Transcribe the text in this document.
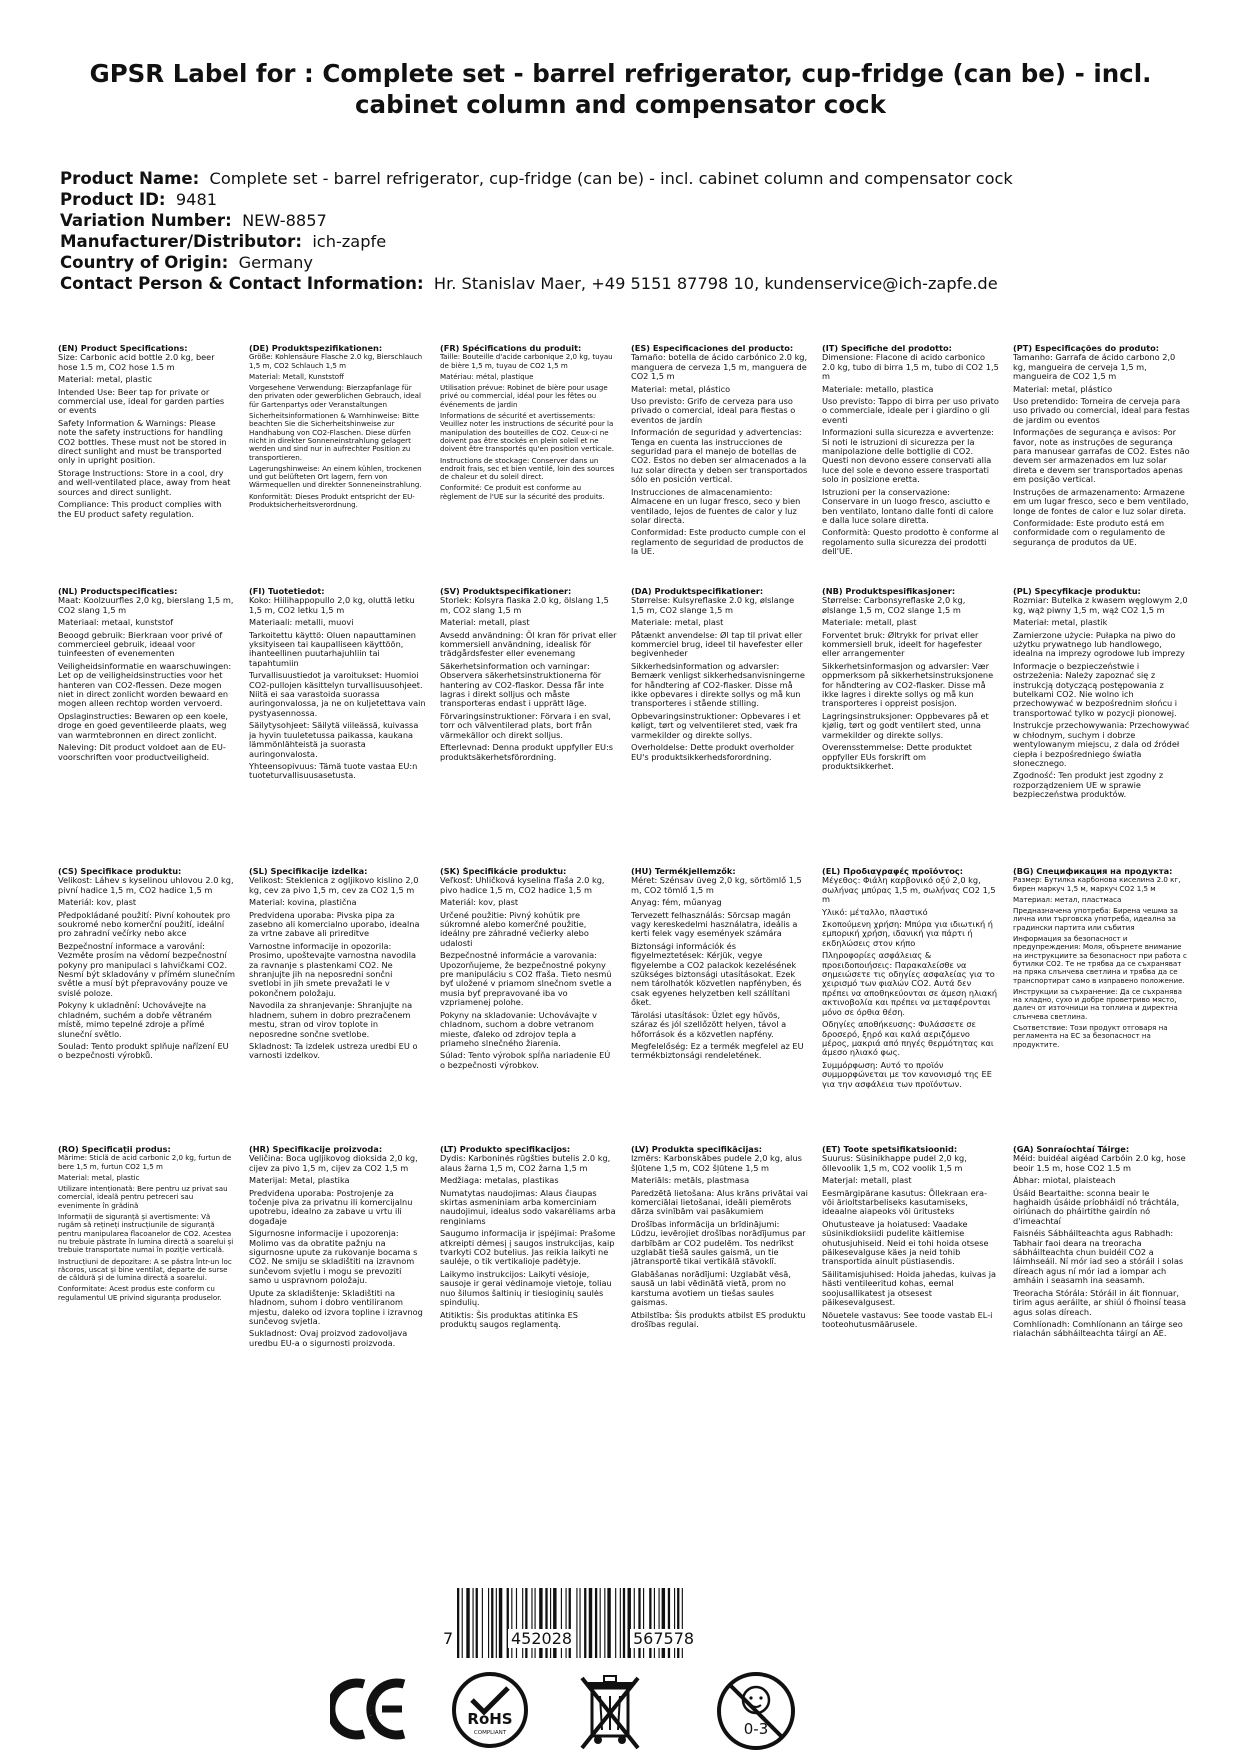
GPSR Label for : Complete set - barrel refrigerator, cup-fridge (can be) - incl. cabinet column and compensator cock
Product Name: Complete set - barrel refrigerator, cup-fridge (can be) - incl. cabinet column and compensator cock
Product ID: 9481
Variation Number: NEW-8857
Manufacturer/Distributor: ich-zapfe
Country of Origin: Germany
Contact Person & Contact Information: Hr. Stanislav Maer, +49 5151 87798 10, kundenservice@ich-zapfe.de

(EN) Product Specifications:
Size: Carbonic acid bottle 2.0 kg, beer hose 1.5 m, CO2 hose 1.5 m

Material: metal, plastic

Intended Use: Beer tap for private or commercial use, ideal for garden parties or events

Safety Information & Warnings: Please note the safety instructions for handling CO2 bottles. These must not be stored in direct sunlight and must be transported only in upright position.

Storage Instructions: Store in a cool, dry and well-ventilated place, away from heat sources and direct sunlight.

Compliance: This product complies with the EU product safety regulation.

(DE) Produktspezifikationen:
Größe: Kohlensäure Flasche 2.0 kg, Bierschlauch 1,5 m, CO2 Schlauch 1,5 m

Material: Metall, Kunststoff

Vorgesehene Verwendung: Bierzapfanlage für den privaten oder gewerblichen Gebrauch, ideal für Gartenpartys oder Veranstaltungen

Sicherheitsinformationen & Warnhinweise: Bitte beachten Sie die Sicherheitshinweise zur Handhabung von CO2-Flaschen. Diese dürfen nicht in direkter Sonneneinstrahlung gelagert werden und sind nur in aufrechter Position zu transportieren.

Lagerungshinweise: An einem kühlen, trockenen und gut belüfteten Ort lagern, fern von Wärmequellen und direkter Sonneneinstrahlung.

Konformität: Dieses Produkt entspricht der EU-Produktsicherheitsverordnung.

(FR) Spécifications du produit:
Taille: Bouteille d'acide carbonique 2,0 kg, tuyau de bière 1,5 m, tuyau de CO2 1,5 m

Matériau: métal, plastique

Utilisation prévue: Robinet de bière pour usage privé ou commercial, idéal pour les fêtes ou événements de jardin

Informations de sécurité et avertissements: Veuillez noter les instructions de sécurité pour la manipulation des bouteilles de CO2. Ceux-ci ne doivent pas être stockés en plein soleil et ne doivent être transportés qu'en position verticale.

Instructions de stockage: Conserver dans un endroit frais, sec et bien ventilé, loin des sources de chaleur et du soleil direct.

Conformité: Ce produit est conforme au règlement de l'UE sur la sécurité des produits.

(ES) Especificaciones del producto:
Tamaño: botella de ácido carbónico 2.0 kg, manguera de cerveza 1,5 m, manguera de CO2 1,5 m

Material: metal, plástico

Uso previsto: Grifo de cerveza para uso privado o comercial, ideal para fiestas o eventos de jardín

Información de seguridad y advertencias: Tenga en cuenta las instrucciones de seguridad para el manejo de botellas de CO2. Estos no deben ser almacenados a la luz solar directa y deben ser transportados sólo en posición vertical.

Instrucciones de almacenamiento: Almacene en un lugar fresco, seco y bien ventilado, lejos de fuentes de calor y luz solar directa.

Conformidad: Este producto cumple con el reglamento de seguridad de productos de la UE.

(IT) Specifiche del prodotto:
Dimensione: Flacone di acido carbonico 2.0 kg, tubo di birra 1,5 m, tubo di CO2 1,5 m

Materiale: metallo, plastica

Uso previsto: Tappo di birra per uso privato o commerciale, ideale per i giardino o gli eventi

Informazioni sulla sicurezza e avvertenze: Si noti le istruzioni di sicurezza per la manipolazione delle bottiglie di CO2. Questi non devono essere conservati alla luce del sole e devono essere trasportati solo in posizione eretta.

Istruzioni per la conservazione: Conservare in un luogo fresco, asciutto e ben ventilato, lontano dalle fonti di calore e dalla luce solare diretta.

Conformità: Questo prodotto è conforme al regolamento sulla sicurezza dei prodotti dell'UE.

(PT) Especificações do produto:
Tamanho: Garrafa de ácido carbono 2,0 kg, mangueira de cerveja 1,5 m, mangueira de CO2 1,5 m

Material: metal, plástico

Uso pretendido: Torneira de cerveja para uso privado ou comercial, ideal para festas de jardim ou eventos

Informações de segurança e avisos: Por favor, note as instruções de segurança para manusear garrafas de CO2. Estes não devem ser armazenados em luz solar direta e devem ser transportados apenas em posição vertical.

Instruções de armazenamento: Armazene em um lugar fresco, seco e bem ventilado, longe de fontes de calor e luz solar direta.

Conformidade: Este produto está em conformidade com o regulamento de segurança de produtos da UE.

(NL) Productspecificaties:
Maat: Koolzuurfles 2,0 kg, bierslang 1,5 m, CO2 slang 1,5 m

Materiaal: metaal, kunststof

Beoogd gebruik: Bierkraan voor privé of commercieel gebruik, ideaal voor tuinfeesten of evenementen

Veiligheidsinformatie en waarschuwingen: Let op de veiligheidsinstructies voor het hanteren van CO2-flessen. Deze mogen niet in direct zonlicht worden bewaard en mogen alleen rechtop worden vervoerd.

Opslaginstructies: Bewaren op een koele, droge en goed geventileerde plaats, weg van warmtebronnen en direct zonlicht.

Naleving: Dit product voldoet aan de EU-voorschriften voor productveiligheid.

(FI) Tuotetiedot:
Koko: Hiilihappopullo 2,0 kg, oluttä letku 1,5 m, CO2 letku 1,5 m

Materiaali: metalli, muovi

Tarkoitettu käyttö: Oluen napauttaminen yksityiseen tai kaupalliseen käyttöön, ihanteellinen puutarhajuhliin tai tapahtumiin

Turvallisuustiedot ja varoitukset: Huomioi CO2-pullojen käsittelyn turvallisuusohjeet. Niitä ei saa varastoida suorassa auringonvalossa, ja ne on kuljetettava vain pystyasennossa.

Säilytysohjeet: Säilytä viileässä, kuivassa ja hyvin tuuletetussa paikassa, kaukana lämmönlähteistä ja suorasta auringonvalosta.

Yhteensopivuus: Tämä tuote vastaa EU:n tuoteturvallisuusasetusta.

(SV) Produktspecifikationer:
Storlek: Kolsyra flaska 2.0 kg, ölslang 1,5 m, CO2 slang 1,5 m

Material: metall, plast

Avsedd användning: Öl kran för privat eller kommersiell användning, idealisk för trädgårdsfester eller evenemang

Säkerhetsinformation och varningar: Observera säkerhetsinstruktionerna för hantering av CO2-flaskor. Dessa får inte lagras i direkt solljus och måste transporteras endast i upprätt läge.

Förvaringsinstruktioner: Förvara i en sval, torr och välventilerad plats, bort från värmekällor och direkt solljus.

Efterlevnad: Denna produkt uppfyller EU:s produktsäkerhetsförordning.

(DA) Produktspecifikationer:
Størrelse: Kulsyreflaske 2.0 kg, ølslange 1,5 m, CO2 slange 1,5 m

Materiale: metal, plast

Påtænkt anvendelse: Øl tap til privat eller kommerciel brug, ideel til havefester eller begivenheder

Sikkerhedsinformation og advarsler: Bemærk venligst sikkerhedsanvisningerne for håndtering af CO2-flasker. Disse må ikke opbevares i direkte sollys og må kun transporteres i stående stilling.

Opbevaringsinstruktioner: Opbevares i et køligt, tørt og velventileret sted, væk fra varmekilder og direkte sollys.

Overholdelse: Dette produkt overholder EU's produktsikkerhedsforordning.

(NB) Produktspesifikasjoner:
Størrelse: Carbonsyreflaske 2,0 kg, ølslange 1,5 m, CO2 slange 1,5 m

Materiale: metall, plast

Forventet bruk: Øltrykk for privat eller kommersiell bruk, ideelt for hagefester eller arrangementer

Sikkerhetsinformasjon og advarsler: Vær oppmerksom på sikkerhetsinstruksjonene for håndtering av CO2-flasker. Disse må ikke lagres i direkte sollys og må kun transporteres i oppreist posisjon.

Lagringsinstruksjoner: Oppbevares på et kjølig, tørt og godt ventilert sted, unna varmekilder og direkte sollys.

Overensstemmelse: Dette produktet oppfyller EUs forskrift om produktsikkerhet.

(PL) Specyfikacje produktu:
Rozmiar: Butelka z kwasem węglowym 2,0 kg, wąż piwny 1,5 m, wąż CO2 1,5 m

Materiał: metal, plastik

Zamierzone użycie: Pułapka na piwo do użytku prywatnego lub handlowego, idealna na imprezy ogrodowe lub imprezy

Informacje o bezpieczeństwie i ostrzeżenia: Należy zapoznać się z instrukcją dotyczącą postępowania z butelkami CO2. Nie wolno ich przechowywać w bezpośrednim słońcu i transportować tylko w pozycji pionowej.

Instrukcje przechowywania: Przechowywać w chłodnym, suchym i dobrze wentylowanym miejscu, z dala od źródeł ciepła i bezpośredniego światła słonecznego.

Zgodność: Ten produkt jest zgodny z rozporządzeniem UE w sprawie bezpieczeństwa produktów.

(CS) Specifikace produktu:
Velikost: Láhev s kyselinou uhlovou 2.0 kg, pivní hadice 1,5 m, CO2 hadice 1,5 m

Materiál: kov, plast

Předpokládané použití: Pivní kohoutek pro soukromé nebo komerční použití, ideální pro zahradní večírky nebo akce

Bezpečnostní informace a varování: Vezměte prosím na vědomí bezpečnostní pokyny pro manipulaci s lahvičkami CO2. Nesmí být skladovány v přímém slunečním světle a musí být přepravovány pouze ve svislé poloze.

Pokyny k ukladnění: Uchovávejte na chladném, suchém a dobře větraném místě, mimo tepelné zdroje a přímé sluneční světlo.

Soulad: Tento produkt splňuje nařízení EU o bezpečnosti výrobků.

(SL) Specifikacije izdelka:
Velikost: Steklenica z ogljikovo kislino 2,0 kg, cev za pivo 1,5 m, cev za CO2 1,5 m

Material: kovina, plastična

Predvidena uporaba: Pivska pipa za zasebno ali komercialno uporabo, idealna za vrtne zabave ali prireditve

Varnostne informacije in opozorila: Prosimo, upoštevajte varnostna navodila za ravnanje s plastenkami CO2. Ne shranjujte jih na neposredni sončni svetlobi in jih smete prevažati le v pokončnem položaju.

Navodila za shranjevanje: Shranjujte na hladnem, suhem in dobro prezračenem mestu, stran od virov toplote in neposredne sončne svetlobe.

Skladnost: Ta izdelek ustreza uredbi EU o varnosti izdelkov.

(SK) Špecifikácie produktu:
Veľkosť: Uhličková kyselina fľaša 2.0 kg, pivo hadice 1,5 m, CO2 hadice 1,5 m

Materiál: kov, plast

Určené použitie: Pivný kohútik pre súkromné alebo komerčné použitie, ideálny pre záhradné večierky alebo udalosti

Bezpečnostné informácie a varovania: Upozorňujeme, že bezpečnostné pokyny pre manipuláciu s CO2 fľaša. Tieto nesmú byť uložené v priamom slnečnom svetle a musia byť prepravované iba vo vzpriamenej polohe.

Pokyny na skladovanie: Uchovávajte v chladnom, suchom a dobre vetranom mieste, ďaleko od zdrojov tepla a priameho slnečného žiarenia.

Súlad: Tento výrobok spĺňa nariadenie EÚ o bezpečnosti výrobkov.

(HU) Termékjellemzők:
Méret: Szénsav üveg 2,0 kg, sörtömlő 1,5 m, CO2 tömlő 1,5 m

Anyag: fém, műanyag

Tervezett felhasználás: Sörcsap magán vagy kereskedelmi használatra, ideális a kerti felek vagy események számára

Biztonsági információk és figyelmeztetések: Kérjük, vegye figyelembe a CO2 palackok kezelésének szükséges biztonsági utasításokat. Ezek nem tárolhatók közvetlen napfényben, és csak egyenes helyzetben kell szállítani őket.

Tárolási utasítások: Üzlet egy hűvös, száraz és jól szellőzött helyen, távol a hőforrások és a közvetlen napfény.

Megfelelőség: Ez a termék megfelel az EU termékbiztonsági rendeletének.

(EL) Προδιαγραφές προϊόντος:
Μέγεθος: Φιάλη καρβονικό οξύ 2,0 kg, σωλήνας μπύρας 1,5 m, σωλήνας CO2 1,5 m

Υλικό: μέταλλο, πλαστικό

Σκοπούμενη χρήση: Μπύρα για ιδιωτική ή εμπορική χρήση, ιδανική για πάρτι ή εκδηλώσεις στον κήπο

Πληροφορίες ασφάλειας & προειδοποιήσεις: Παρακαλείσθε να σημειώσετε τις οδηγίες ασφαλείας για το χειρισμό των φιαλών CO2. Αυτά δεν πρέπει να αποθηκεύονται σε άμεση ηλιακή ακτινοβολία και πρέπει να μεταφέρονται μόνο σε όρθια θέση.

Οδηγίες αποθήκευσης: Φυλάσσετε σε δροσερό, ξηρό και καλά αεριζόμενο μέρος, μακριά από πηγές θερμότητας και άμεσο ηλιακό φως.

Συμμόρφωση: Αυτό το προϊόν συμμορφώνεται με τον κανονισμό της ΕΕ για την ασφάλεια των προϊόντων.

(BG) Спецификация на продукта:
Размер: Бутилка карбонова киселина 2.0 кг, бирен маркуч 1,5 м, маркуч CO2 1,5 м

Материал: метал, пластмаса

Предназначена употреба: Бирена чешма за лична или търговска употреба, идеална за градински партита или събития

Информация за безопасност и предупреждения: Моля, обърнете внимание на инструкциите за безопасност при работа с бутилки CO2. Те не трябва да се съхраняват на пряка слънчева светлина и трябва да се транспортират само в изправено положение.

Инструкции за съхранение: Да се съхранява на хладно, сухо и добре проветриво място, далеч от източници на топлина и директна слънчева светлина.

Съответствие: Този продукт отговаря на регламента на ЕС за безопасност на продуктите.

(RO) Specificații produs:
Mărime: Sticlă de acid carbonic 2,0 kg, furtun de bere 1,5 m, furtun CO2 1,5 m

Material: metal, plastic

Utilizare intenționată: Bere pentru uz privat sau comercial, ideală pentru petreceri sau evenimente în grădină

Informații de siguranță și avertismente: Vă rugăm să rețineți instrucțiunile de siguranță pentru manipularea flacoanelor de CO2. Acestea nu trebuie păstrate în lumina directă a soarelui și trebuie transportate numai în poziție verticală.

Instrucțiuni de depozitare: A se păstra într-un loc răcoros, uscat și bine ventilat, departe de surse de căldură și de lumina directă a soarelui.

Conformitate: Acest produs este conform cu regulamentul UE privind siguranța produselor.

(HR) Specifikacije proizvoda:
Veličina: Boca ugljikovog dioksida 2,0 kg, cijev za pivo 1,5 m, cijev za CO2 1,5 m

Materijal: Metal, plastika

Predviđena uporaba: Postrojenje za točenje piva za privatnu ili komercijalnu upotrebu, idealno za zabave u vrtu ili događaje

Sigurnosne informacije i upozorenja: Molimo vas da obratite pažnju na sigurnosne upute za rukovanje bocama s CO2. Ne smiju se skladištiti na izravnom sunčevom svjetlu i mogu se prevoziti samo u uspravnom položaju.

Upute za skladištenje: Skladištiti na hladnom, suhom i dobro ventiliranom mjestu, daleko od izvora topline i izravnog sunčevog svjetla.

Sukladnost: Ovaj proizvod zadovoljava uredbu EU-a o sigurnosti proizvoda.

(LT) Produkto specifikacijos:
Dydis: Karboninės rūgšties butelis 2.0 kg, alaus žarna 1,5 m, CO2 žarna 1,5 m

Medžiaga: metalas, plastikas

Numatytas naudojimas: Alaus čiaupas skirtas asmeniniam arba komerciniam naudojimui, idealus sodo vakarėliams arba renginiams

Saugumo informacija ir įspėjimai: Prašome atkreipti dėmesį į saugos instrukcijas, kaip tvarkyti CO2 butelius. Jas reikia laikyti ne saulėje, o tik vertikalioje padėtyje.

Laikymo instrukcijos: Laikyti vėsioje, sausoje ir gerai vėdinamoje vietoje, toliau nuo šilumos šaltinių ir tiesioginių saulės spindulių.

Atitiktis: Šis produktas atitinka ES produktų saugos reglamentą.

(LV) Produkta specifikācijas:
Izmērs: Karbonskābes pudele 2,0 kg, alus šļūtene 1,5 m, CO2 šļūtene 1,5 m

Materiāls: metāls, plastmasa

Paredzētā lietošana: Alus krāns privātai vai komerciālai lietošanai, ideāli piemērots dārza svinībām vai pasākumiem

Drošības informācija un brīdinājumi: Lūdzu, ievērojiet drošības norādījumus par darbībām ar CO2 pudelēm. Tos nedrīkst uzglabāt tiešā saules gaismā, un tie jātransportē tikai vertikālā stāvoklī.

Glabāšanas norādījumi: Uzglabāt vēsā, sausā un labi vēdinātā vietā, prom no karstuma avotiem un tiešas saules gaismas.

Atbilstība: Šis produkts atbilst ES produktu drošības regulai.

(ET) Toote spetsifikatsioonid:
Suurus: Süsinikhappe pudel 2,0 kg, õllevoolik 1,5 m, CO2 voolik 1,5 m

Materjal: metall, plast

Eesmärgipärane kasutus: Õllekraan era- või ärioltstarbeliseks kasutamiseks, ideaalne aiapeoks või üritusteks

Ohutusteave ja hoiatused: Vaadake süsinikdioksiidi pudelite käitlemise ohutusjuhiseid. Neid ei tohi hoida otsese päikesevalguse käes ja neid tohib transportida ainult püstiasendis.

Säilitamisjuhised: Hoida jahedas, kuivas ja hästi ventileeritud kohas, eemal soojusallikatest ja otsesest päikesevalgusest.

Nõuetele vastavus: See toode vastab EL-i tooteohutusmäärusele.

(GA) Sonraíochtaí Táirge:
Méid: buidéal aigéad Carbóin 2.0 kg, hose beoir 1.5 m, hose CO2 1.5 m

Ábhar: miotal, plaisteach

Úsáid Beartaithe: sconna beair le haghaidh úsáide príobháidí nó tráchtála, oiriúnach do pháirtithe gairdín nó d'imeachtaí

Faisnéis Sábháilteachta agus Rabhadh: Tabhair faoi deara na treoracha sábháilteachta chun buidéil CO2 a láimhseáil. Ní mór iad seo a stóráil i solas díreach agus ní mór iad a iompar ach amháin i seasamh ina seasamh.

Treoracha Stórála: Stóráil in áit fionnuar, tirim agus aeráilte, ar shiúl ó fhoinsí teasa agus solas díreach.

Comhlíonadh: Comhlíonann an táirge seo rialachán sábháilteachta táirgí an AE.

7	452028	567578
CE	RoHS
COMPLIANT	0-3
